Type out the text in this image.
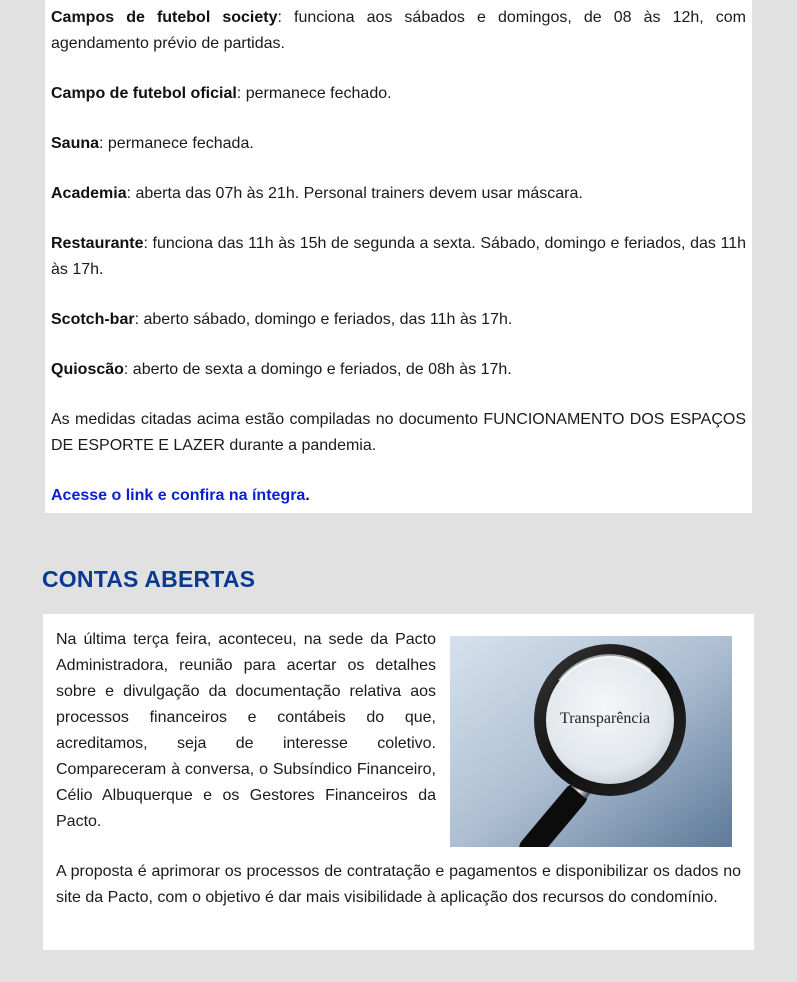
Campos de futebol society: funciona aos sábados e domingos, de 08 às 12h, com agendamento prévio de partidas.

Campo de futebol oficial: permanece fechado.

Sauna: permanece fechada.

Academia: aberta das 07h às 21h. Personal trainers devem usar máscara.

Restaurante: funciona das 11h às 15h de segunda a sexta. Sábado, domingo e feriados, das 11h às 17h.

Scotch-bar: aberto sábado, domingo e feriados, das 11h às 17h.

Quioscão: aberto de sexta a domingo e feriados, de 08h às 17h.

As medidas citadas acima estão compiladas no documento FUNCIONAMENTO DOS ESPAÇOS DE ESPORTE E LAZER durante a pandemia.

Acesse o link e confira na íntegra.

CONTAS ABERTAS

Na última terça feira, aconteceu, na sede da Pacto Administradora, reunião para acertar os detalhes sobre e divulgação da documentação relativa aos processos financeiros e contábeis do que, acreditamos, seja de interesse coletivo. Compareceram à conversa, o Subsíndico Financeiro, Célio Albuquerque e os Gestores Financeiros da Pacto.

Transparência

A proposta é aprimorar os processos de contratação e pagamentos e disponibilizar os dados no site da Pacto, com o objetivo é dar mais visibilidade à aplicação dos recursos do condomínio.
